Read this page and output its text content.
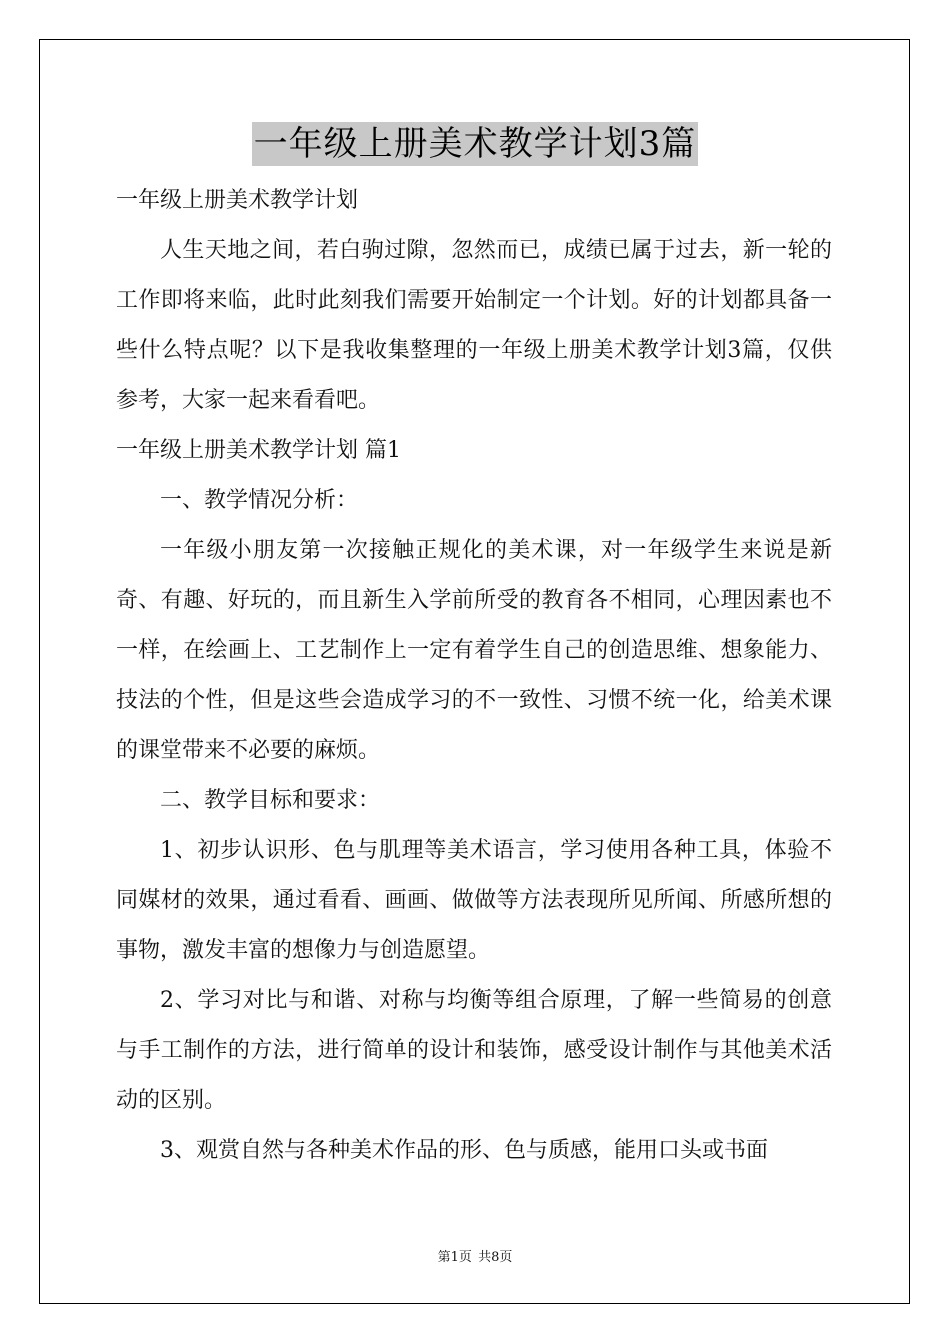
一年级上册美术教学计划3篇

一年级上册美术教学计划

人生天地之间，若白驹过隙，忽然而已，成绩已属于过去，新一轮的工作即将来临，此时此刻我们需要开始制定一个计划。好的计划都具备一些什么特点呢？以下是我收集整理的一年级上册美术教学计划3篇，仅供参考，大家一起来看看吧。

一年级上册美术教学计划 篇1

一、教学情况分析：

一年级小朋友第一次接触正规化的美术课，对一年级学生来说是新奇、有趣、好玩的，而且新生入学前所受的教育各不相同，心理因素也不一样，在绘画上、工艺制作上一定有着学生自己的创造思维、想象能力、技法的个性，但是这些会造成学习的不一致性、习惯不统一化，给美术课的课堂带来不必要的麻烦。

二、教学目标和要求：

1、初步认识形、色与肌理等美术语言，学习使用各种工具，体验不同媒材的效果，通过看看、画画、做做等方法表现所见所闻、所感所想的事物，激发丰富的想像力与创造愿望。

2、学习对比与和谐、对称与均衡等组合原理，了解一些简易的创意与手工制作的方法，进行简单的设计和装饰，感受设计制作与其他美术活动的区别。

3、观赏自然与各种美术作品的形、色与质感，能用口头或书面

第1页 共8页
